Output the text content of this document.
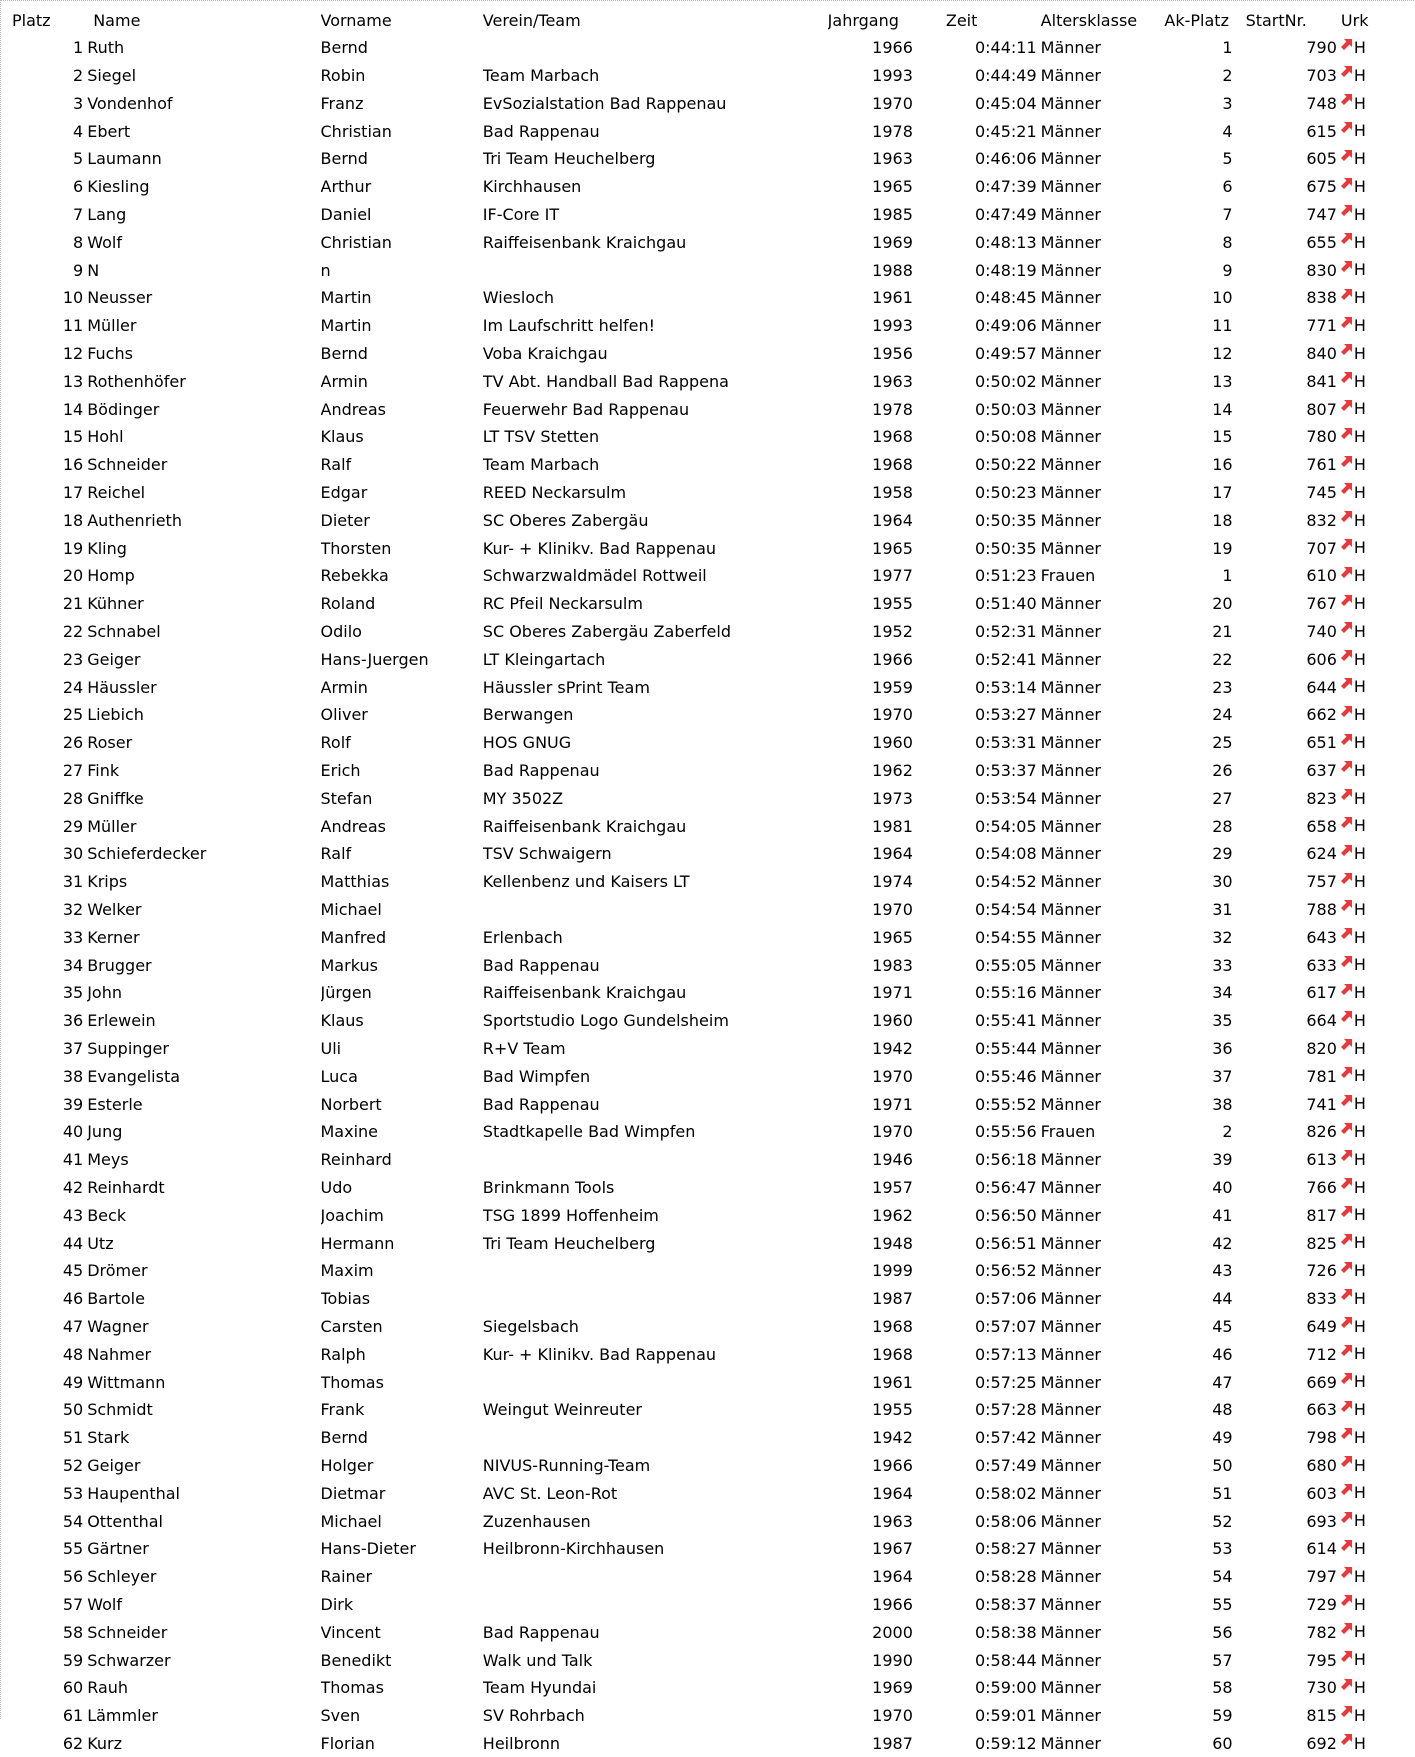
Platz	Name	Vorname	Verein/Team	Jahrgang	Zeit	Altersklasse	Ak-Platz	StartNr.	Urk
1	Ruth	Bernd		1966	0:44:11	Männer	1	790	H

2	Siegel	Robin	Team Marbach	1993	0:44:49	Männer	2	703	H

3	Vondenhof	Franz	EvSozialstation Bad Rappenau	1970	0:45:04	Männer	3	748	H

4	Ebert	Christian	Bad Rappenau	1978	0:45:21	Männer	4	615	H

5	Laumann	Bernd	Tri Team Heuchelberg	1963	0:46:06	Männer	5	605	H

6	Kiesling	Arthur	Kirchhausen	1965	0:47:39	Männer	6	675	H

7	Lang	Daniel	IF-Core IT	1985	0:47:49	Männer	7	747	H

8	Wolf	Christian	Raiffeisenbank Kraichgau	1969	0:48:13	Männer	8	655	H

9	N	n		1988	0:48:19	Männer	9	830	H

10	Neusser	Martin	Wiesloch	1961	0:48:45	Männer	10	838	H

11	Müller	Martin	Im Laufschritt helfen!	1993	0:49:06	Männer	11	771	H

12	Fuchs	Bernd	Voba Kraichgau	1956	0:49:57	Männer	12	840	H

13	Rothenhöfer	Armin	TV Abt. Handball Bad Rappena	1963	0:50:02	Männer	13	841	H

14	Bödinger	Andreas	Feuerwehr Bad Rappenau	1978	0:50:03	Männer	14	807	H

15	Hohl	Klaus	LT TSV Stetten	1968	0:50:08	Männer	15	780	H

16	Schneider	Ralf	Team Marbach	1968	0:50:22	Männer	16	761	H

17	Reichel	Edgar	REED Neckarsulm	1958	0:50:23	Männer	17	745	H

18	Authenrieth	Dieter	SC Oberes Zabergäu	1964	0:50:35	Männer	18	832	H

19	Kling	Thorsten	Kur- + Klinikv. Bad Rappenau	1965	0:50:35	Männer	19	707	H

20	Homp	Rebekka	Schwarzwaldmädel Rottweil	1977	0:51:23	Frauen	1	610	H

21	Kühner	Roland	RC Pfeil Neckarsulm	1955	0:51:40	Männer	20	767	H

22	Schnabel	Odilo	SC Oberes Zabergäu Zaberfeld	1952	0:52:31	Männer	21	740	H

23	Geiger	Hans-Juergen	LT Kleingartach	1966	0:52:41	Männer	22	606	H

24	Häussler	Armin	Häussler sPrint Team	1959	0:53:14	Männer	23	644	H

25	Liebich	Oliver	Berwangen	1970	0:53:27	Männer	24	662	H

26	Roser	Rolf	HOS GNUG	1960	0:53:31	Männer	25	651	H

27	Fink	Erich	Bad Rappenau	1962	0:53:37	Männer	26	637	H

28	Gniffke	Stefan	MY 3502Z	1973	0:53:54	Männer	27	823	H

29	Müller	Andreas	Raiffeisenbank Kraichgau	1981	0:54:05	Männer	28	658	H

30	Schieferdecker	Ralf	TSV Schwaigern	1964	0:54:08	Männer	29	624	H

31	Krips	Matthias	Kellenbenz und Kaisers LT	1974	0:54:52	Männer	30	757	H

32	Welker	Michael		1970	0:54:54	Männer	31	788	H

33	Kerner	Manfred	Erlenbach	1965	0:54:55	Männer	32	643	H

34	Brugger	Markus	Bad Rappenau	1983	0:55:05	Männer	33	633	H

35	John	Jürgen	Raiffeisenbank Kraichgau	1971	0:55:16	Männer	34	617	H

36	Erlewein	Klaus	Sportstudio Logo Gundelsheim	1960	0:55:41	Männer	35	664	H

37	Suppinger	Uli	R+V Team	1942	0:55:44	Männer	36	820	H

38	Evangelista	Luca	Bad Wimpfen	1970	0:55:46	Männer	37	781	H

39	Esterle	Norbert	Bad Rappenau	1971	0:55:52	Männer	38	741	H

40	Jung	Maxine	Stadtkapelle Bad Wimpfen	1970	0:55:56	Frauen	2	826	H

41	Meys	Reinhard		1946	0:56:18	Männer	39	613	H

42	Reinhardt	Udo	Brinkmann Tools	1957	0:56:47	Männer	40	766	H

43	Beck	Joachim	TSG 1899 Hoffenheim	1962	0:56:50	Männer	41	817	H

44	Utz	Hermann	Tri Team Heuchelberg	1948	0:56:51	Männer	42	825	H

45	Drömer	Maxim		1999	0:56:52	Männer	43	726	H

46	Bartole	Tobias		1987	0:57:06	Männer	44	833	H

47	Wagner	Carsten	Siegelsbach	1968	0:57:07	Männer	45	649	H

48	Nahmer	Ralph	Kur- + Klinikv. Bad Rappenau	1968	0:57:13	Männer	46	712	H

49	Wittmann	Thomas		1961	0:57:25	Männer	47	669	H

50	Schmidt	Frank	Weingut Weinreuter	1955	0:57:28	Männer	48	663	H

51	Stark	Bernd		1942	0:57:42	Männer	49	798	H

52	Geiger	Holger	NIVUS-Running-Team	1966	0:57:49	Männer	50	680	H

53	Haupenthal	Dietmar	AVC St. Leon-Rot	1964	0:58:02	Männer	51	603	H

54	Ottenthal	Michael	Zuzenhausen	1963	0:58:06	Männer	52	693	H

55	Gärtner	Hans-Dieter	Heilbronn-Kirchhausen	1967	0:58:27	Männer	53	614	H

56	Schleyer	Rainer		1964	0:58:28	Männer	54	797	H

57	Wolf	Dirk		1966	0:58:37	Männer	55	729	H

58	Schneider	Vincent	Bad Rappenau	2000	0:58:38	Männer	56	782	H

59	Schwarzer	Benedikt	Walk und Talk	1990	0:58:44	Männer	57	795	H

60	Rauh	Thomas	Team Hyundai	1969	0:59:00	Männer	58	730	H

61	Lämmler	Sven	SV Rohrbach	1970	0:59:01	Männer	59	815	H

62	Kurz	Florian	Heilbronn	1987	0:59:12	Männer	60	692	H
